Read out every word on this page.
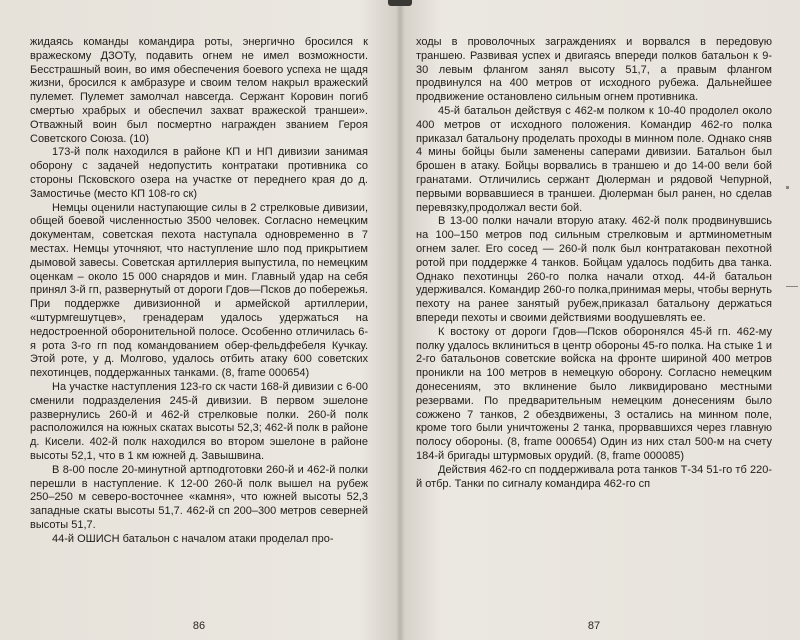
жидаясь команды командира роты, энергично бросился к вражескому ДЗОТу, подавить огнем не имел возможности. Бесстрашный воин, во имя обеспечения боевого успеха не щадя жизни, бросился к амбразуре и своим телом накрыл вражеский пулемет. Пулемет замолчал навсегда. Сержант Коровин погиб смертью храбрых и обеспечил захват вражеской траншеи». Отважный воин был посмертно награжден званием Героя Советского Союза. (10)

173-й полк находился в районе КП и НП дивизии занимая оборону с задачей недопустить контратаки противника со стороны Псковского озера на участке от переднего края до д. Замостичье (место КП 108-го ск)

Немцы оценили наступающие силы в 2 стрелковые дивизии, общей боевой численностью 3500 человек. Согласно немецким документам, советская пехота наступала одновременно в 7 местах. Немцы уточняют, что наступление шло под прикрытием дымовой завесы. Советская артиллерия выпустила, по немецким оценкам – около 15 000 снарядов и мин. Главный удар на себя принял 3-й гп, развернутый от дороги Гдов—Псков до побережья. При поддержке дивизионной и армейской артиллерии, «штурмгешутцев», гренадерам удалось удержаться на недостроенной оборонительной полосе. Особенно отличилась 6-я рота 3-го гп под командованием обер-фельдфебеля Кучкау. Этой роте, у д. Молгово, удалось отбить атаку 600 советских пехотинцев, поддержанных танками. (8, frame 000654)

На участке наступления 123-го ск части 168-й дивизии с 6-00 сменили подразделения 245-й дивизии. В первом эшелоне развернулись 260-й и 462-й стрелковые полки. 260-й полк расположился на южных скатах высоты 52,3; 462-й полк в районе д. Кисели. 402-й полк находился во втором эшелоне в районе высоты 52,1, что в 1 км южней д. Завышвина.

В 8-00 после 20-минутной артподготовки 260-й и 462-й полки перешли в наступление. К 12-00 260-й полк вышел на рубеж 250–250 м северо-восточнее «камня», что южней высоты 52,3 западные скаты высоты 51,7. 462-й сп 200–300 метров северней высоты 51,7.

44-й ОШИСН батальон с началом атаки проделал про-

86

ходы в проволочных заграждениях и ворвался в передовую траншею. Развивая успех и двигаясь впереди полков батальон к 9-30 левым флангом занял высоту 51,7, а правым флангом продвинулся на 400 метров от исходного рубежа. Дальнейшее продвижение остановлено сильным огнем противника.

45-й батальон действуя с 462-м полком к 10-40 продолел около 400 метров от исходного положения. Командир 462-го полка приказал батальону проделать проходы в минном поле. Однако сняв 4 мины бойцы были заменены саперами дивизии. Батальон был брошен в атаку. Бойцы ворвались в траншею и до 14-00 вели бой гранатами. Отличились сержант Дюлерман и рядовой Чепурной, первыми ворвавшиеся в траншеи. Дюлерман был ранен, но сделав перевязку,продолжал вести бой.

В 13-00 полки начали вторую атаку. 462-й полк продвинувшись на 100–150 метров под сильным стрелковым и артминометным огнем залег. Его сосед — 260-й полк был контратакован пехотной ротой при поддержке 4 танков. Бойцам удалось подбить два танка. Однако пехотинцы 260-го полка начали отход. 44-й батальон удерживался. Командир 260-го полка,принимая меры, чтобы вернуть пехоту на ранее занятый рубеж,приказал батальону держаться впереди пехоты и своими действиями воодушевлять ее.

К востоку от дороги Гдов—Псков оборонялся 45-й гп. 462-му полку удалось вклиниться в центр обороны 45-го полка. На стыке 1 и 2-го батальонов советские войска на фронте шириной 400 метров проникли на 100 метров в немецкую оборону. Согласно немецким донесениям, это вклинение было ликвидировано местными резервами. По предварительным немецким донесениям было сожжено 7 танков, 2 обездвижены, 3 остались на минном поле, кроме того были уничтожены 2 танка, прорвавшихся через главную полосу обороны. (8, frame 000654) Один из них стал 500-м на счету 184-й бригады штурмовых орудий. (8, frame 000085)

Действия 462-го сп поддерживала рота танков Т-34 51-го тб 220-й отбр. Танки по сигналу командира 462-го сп

87
